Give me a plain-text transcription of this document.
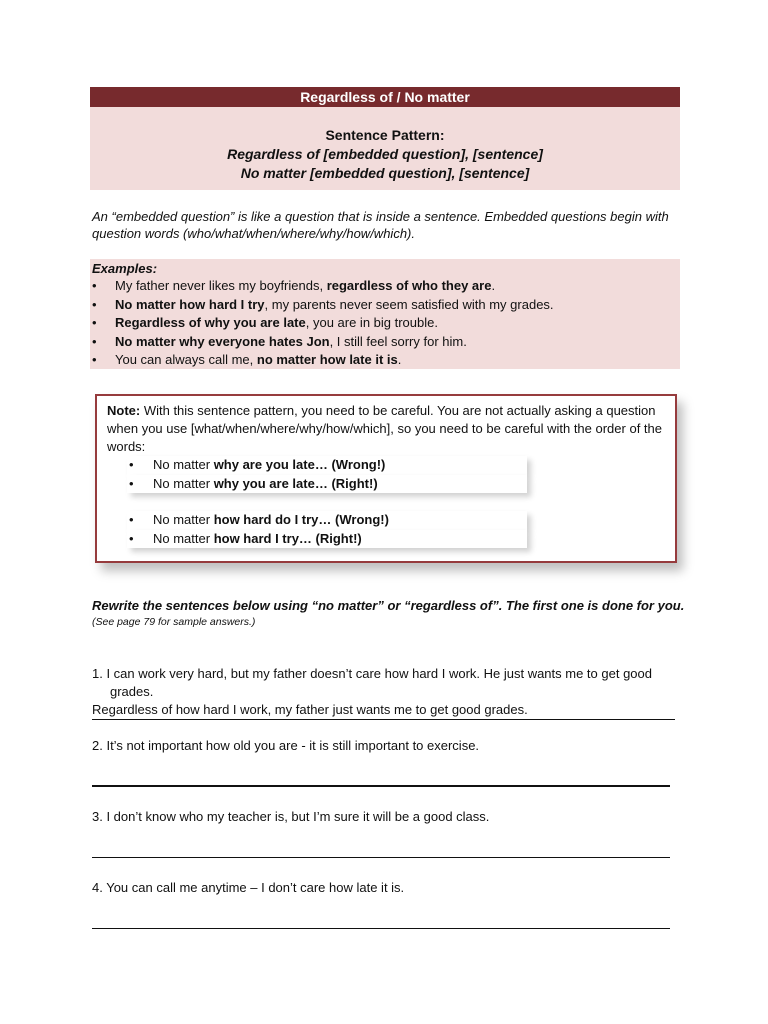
Regardless of / No matter
Sentence Pattern:
Regardless of [embedded question], [sentence]
No matter [embedded question], [sentence]
An “embedded question” is like a question that is inside a sentence. Embedded questions begin with question words (who/what/when/where/why/how/which).
Examples:
• My father never likes my boyfriends, regardless of who they are.
• No matter how hard I try, my parents never seem satisfied with my grades.
• Regardless of why you are late, you are in big trouble.
• No matter why everyone hates Jon, I still feel sorry for him.
• You can always call me, no matter how late it is.
Note: With this sentence pattern, you need to be careful. You are not actually asking a question when you use [what/when/where/why/how/which], so you need to be careful with the order of the words:
• No matter why are you late… (Wrong!)
• No matter why you are late… (Right!)
• No matter how hard do I try… (Wrong!)
• No matter how hard I try… (Right!)
Rewrite the sentences below using “no matter” or “regardless of”. The first one is done for you.
(See page 79 for sample answers.)
1. I can work very hard, but my father doesn’t care how hard I work. He just wants me to get good grades.
Regardless of how hard I work, my father just wants me to get good grades.
2. It’s not important how old you are - it is still important to exercise.
3. I don’t know who my teacher is, but I’m sure it will be a good class.
4. You can call me anytime – I don’t care how late it is.
